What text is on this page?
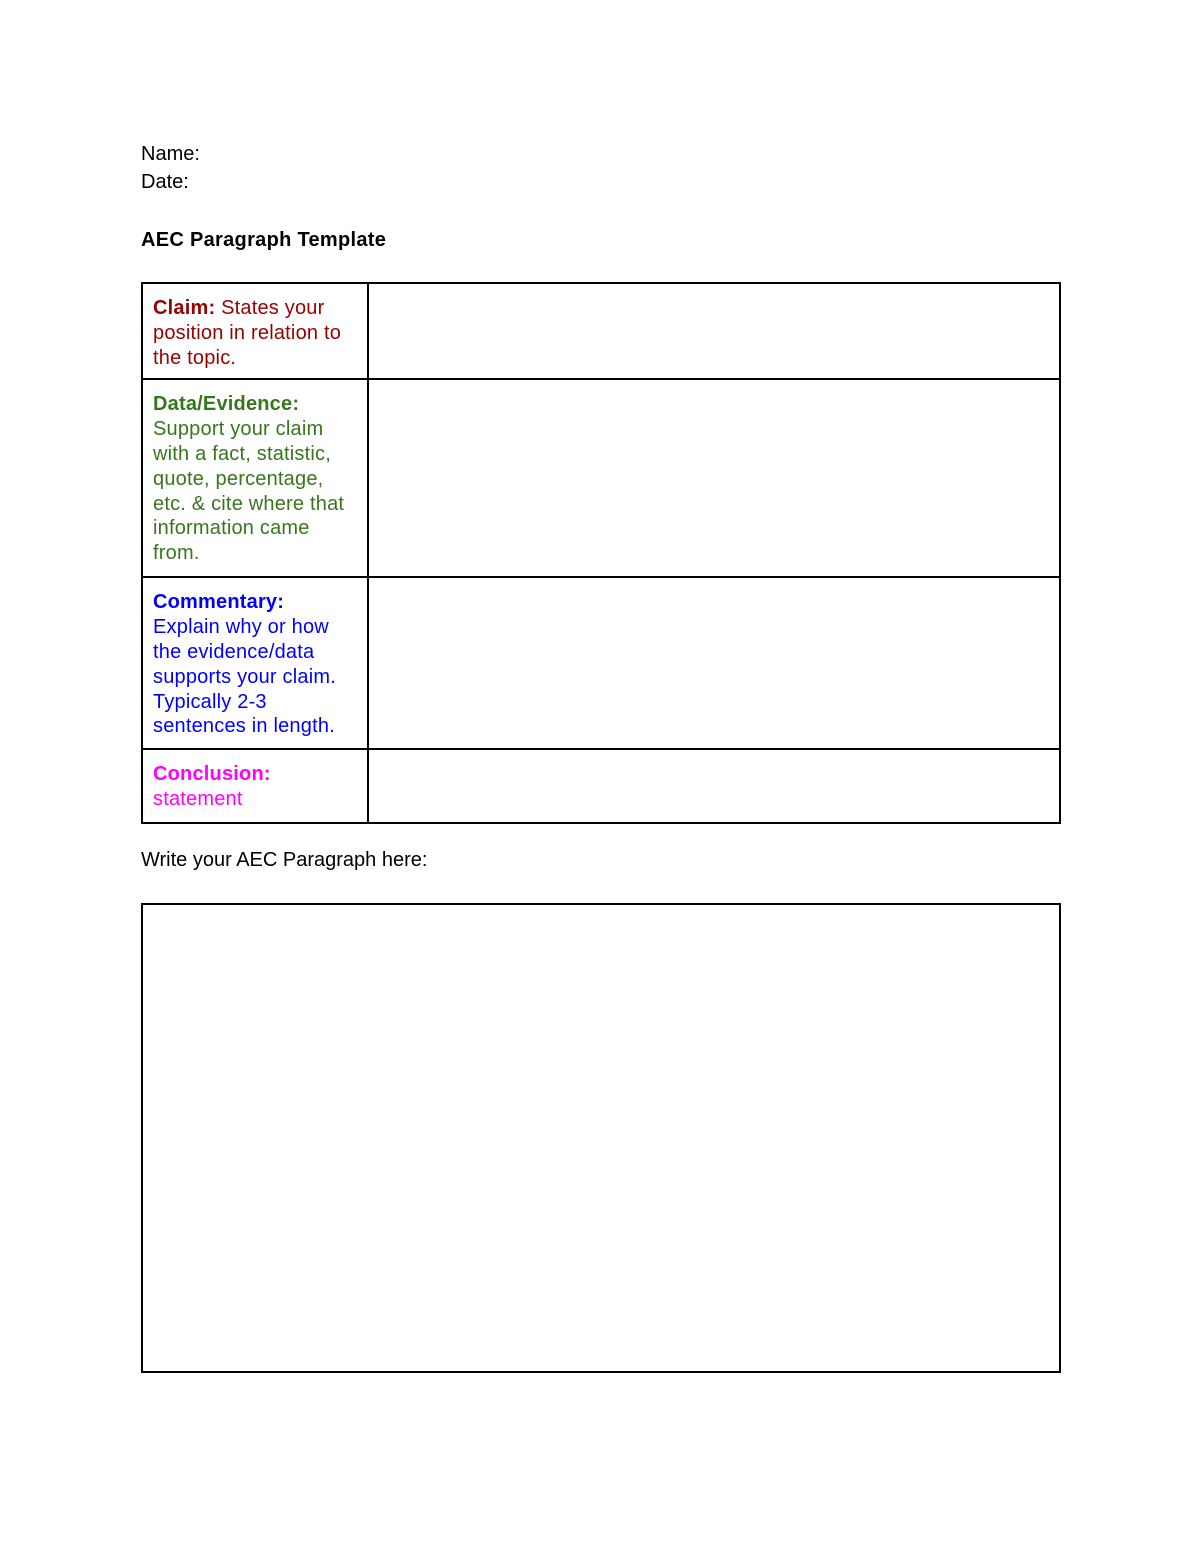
Name:
Date:
AEC Paragraph Template
Claim: States your position in relation to the topic.	

Data/Evidence:
Support your claim with a fact, statistic, quote, percentage, etc. & cite where that information came from.	

Commentary:
Explain why or how the evidence/data supports your claim. Typically 2-3 sentences in length.	

Conclusion:
statement	

Write your AEC Paragraph here:
